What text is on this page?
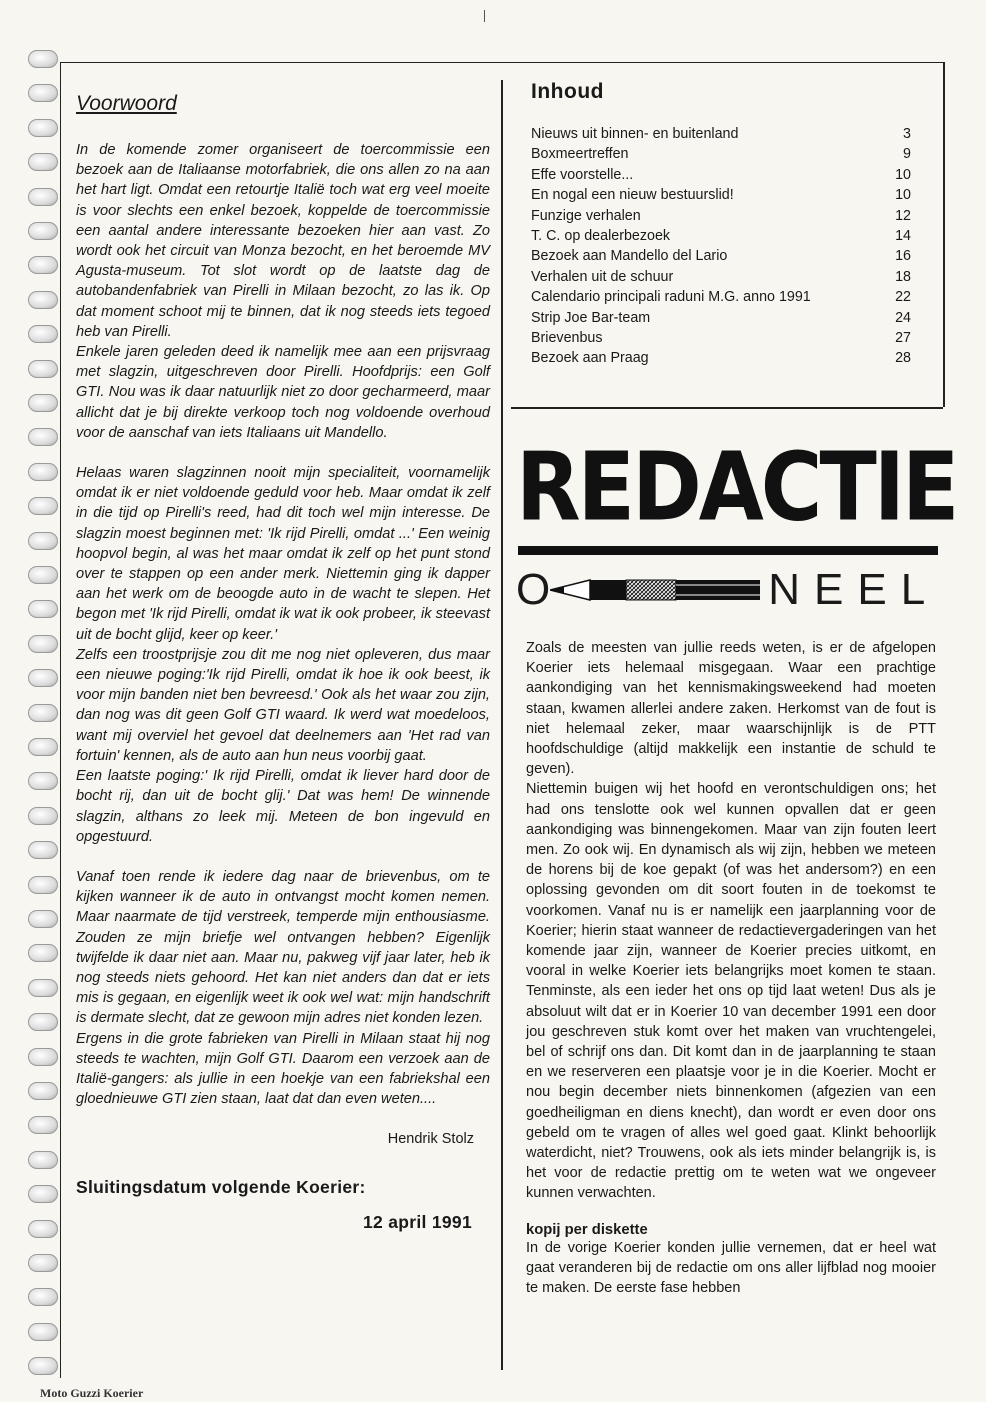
Voorwoord

In de komende zomer organiseert de toercommissie een bezoek aan de Italiaanse motorfabriek, die ons allen zo na aan het hart ligt. Omdat een retourtje Italië toch wat erg veel moeite is voor slechts een enkel bezoek, koppelde de toercommissie een aantal andere interessante bezoeken hier aan vast. Zo wordt ook het circuit van Monza bezocht, en het beroemde MV Agusta-museum. Tot slot wordt op de laatste dag de autobandenfabriek van Pirelli in Milaan bezocht, zo las ik. Op dat moment schoot mij te binnen, dat ik nog steeds iets tegoed heb van Pirelli.

Enkele jaren geleden deed ik namelijk mee aan een prijsvraag met slagzin, uitgeschreven door Pirelli. Hoofdprijs: een Golf GTI. Nou was ik daar natuurlijk niet zo door gecharmeerd, maar allicht dat je bij direkte verkoop toch nog voldoende overhoud voor de aanschaf van iets Italiaans uit Mandello.

Helaas waren slagzinnen nooit mijn specialiteit, voornamelijk omdat ik er niet voldoende geduld voor heb. Maar omdat ik zelf in die tijd op Pirelli's reed, had dit toch wel mijn interesse. De slagzin moest beginnen met: 'Ik rijd Pirelli, omdat ...' Een weinig hoopvol begin, al was het maar omdat ik zelf op het punt stond over te stappen op een ander merk. Niettemin ging ik dapper aan het werk om de beoogde auto in de wacht te slepen. Het begon met 'Ik rijd Pirelli, omdat ik wat ik ook probeer, ik steevast uit de bocht glijd, keer op keer.'

Zelfs een troostprijsje zou dit me nog niet opleveren, dus maar een nieuwe poging:'Ik rijd Pirelli, omdat ik hoe ik ook beest, ik voor mijn banden niet ben bevreesd.' Ook als het waar zou zijn, dan nog was dit geen Golf GTI waard. Ik werd wat moedeloos, want mij overviel het gevoel dat deelnemers aan 'Het rad van fortuin' kennen, als de auto aan hun neus voorbij gaat.

Een laatste poging:' Ik rijd Pirelli, omdat ik liever hard door de bocht rij, dan uit de bocht glij.' Dat was hem! De winnende slagzin, althans zo leek mij. Meteen de bon ingevuld en opgestuurd.

Vanaf toen rende ik iedere dag naar de brievenbus, om te kijken wanneer ik de auto in ontvangst mocht komen nemen. Maar naarmate de tijd verstreek, temperde mijn enthousiasme. Zouden ze mijn briefje wel ontvangen hebben? Eigenlijk twijfelde ik daar niet aan. Maar nu, pakweg vijf jaar later, heb ik nog steeds niets gehoord. Het kan niet anders dan dat er iets mis is gegaan, en eigenlijk weet ik ook wel wat: mijn handschrift is dermate slecht, dat ze gewoon mijn adres niet konden lezen.

Ergens in die grote fabrieken van Pirelli in Milaan staat hij nog steeds te wachten, mijn Golf GTI. Daarom een verzoek aan de Italië-gangers: als jullie in een hoekje van een fabriekshal een gloednieuwe GTI zien staan, laat dat dan even weten....

Hendrik Stolz
Sluitingsdatum volgende Koerier:
12 april 1991
Inhoud
Nieuws uit binnen- en buitenland	3
Boxmeertreffen	9
Effe voorstelle...	10
En nogal een nieuw bestuurslid!	10
Funzige verhalen	12
T. C. op dealerbezoek	14
Bezoek aan Mandello del Lario	16
Verhalen uit de schuur	18
Calendario principali raduni M.G. anno 1991	22
Strip Joe Bar-team	24
Brievenbus	27
Bezoek aan Praag	28
REDACTIE
O	NEEL

Zoals de meesten van jullie reeds weten, is er de afgelopen Koerier iets helemaal misgegaan. Waar een prachtige aankondiging van het kennismakingsweekend had moeten staan, kwamen allerlei andere zaken. Herkomst van de fout is niet helemaal zeker, maar waarschijnlijk is de PTT hoofdschuldige (altijd makkelijk een instantie de schuld te geven).

Niettemin buigen wij het hoofd en verontschuldigen ons; het had ons tenslotte ook wel kunnen opvallen dat er geen aankondiging was binnengekomen. Maar van zijn fouten leert men. Zo ook wij. En dynamisch als wij zijn, hebben we meteen de horens bij de koe gepakt (of was het andersom?) en een oplossing gevonden om dit soort fouten in de toekomst te voorkomen. Vanaf nu is er namelijk een jaarplanning voor de Koerier; hierin staat wanneer de redactievergaderingen van het komende jaar zijn, wanneer de Koerier precies uitkomt, en vooral in welke Koerier iets belangrijks moet komen te staan. Tenminste, als een ieder het ons op tijd laat weten! Dus als je absoluut wilt dat er in Koerier 10 van december 1991 een door jou geschreven stuk komt over het maken van vruchtengelei, bel of schrijf ons dan. Dit komt dan in de jaarplanning te staan en we reserveren een plaatsje voor je in die Koerier. Mocht er nou begin december niets binnenkomen (afgezien van een goedheiligman en diens knecht), dan wordt er even door ons gebeld om te vragen of alles wel goed gaat. Klinkt behoorlijk waterdicht, niet? Trouwens, ook als iets minder belangrijk is, is het voor de redactie prettig om te weten wat we ongeveer kunnen verwachten.

kopij per diskette

In de vorige Koerier konden jullie vernemen, dat er heel wat gaat veranderen bij de redactie om ons aller lijfblad nog mooier te maken. De eerste fase hebben

Moto Guzzi Koerier
